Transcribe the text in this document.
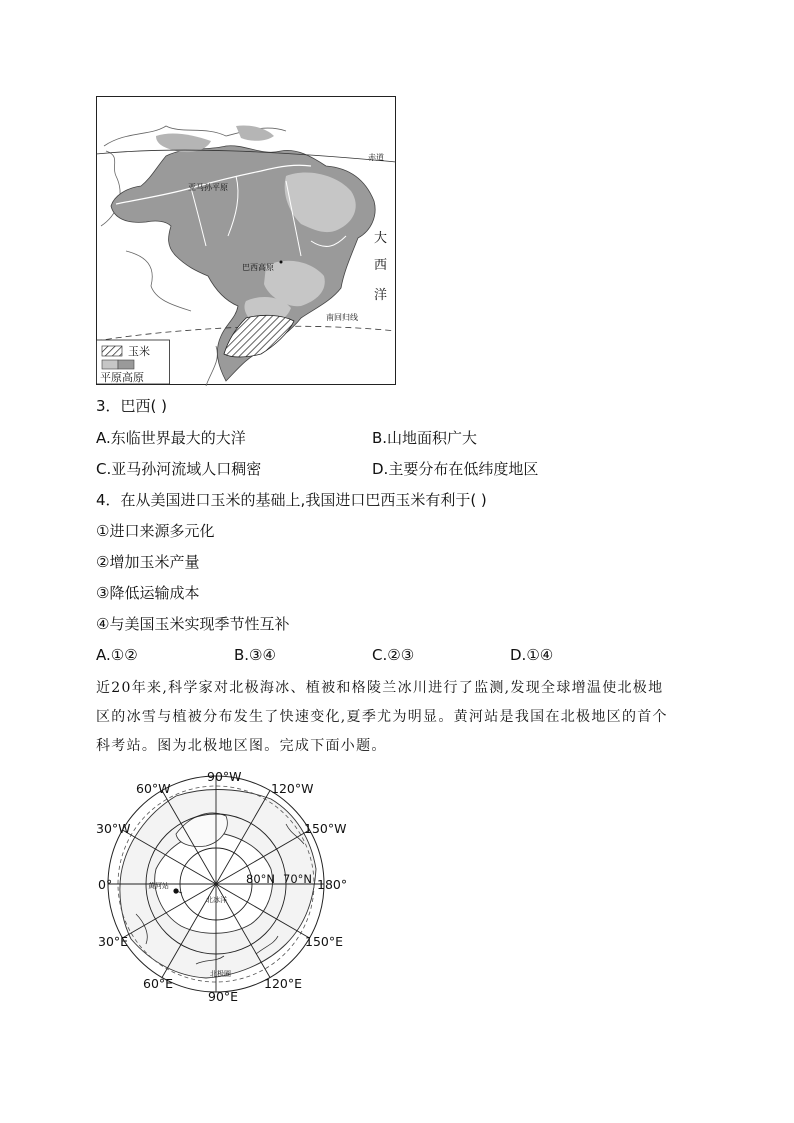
赤道
亚马孙平原
巴西高原
南回归线
大
西
洋
玉米
平原高原
3．巴西( )
A.东临世界最大的大洋	B.山地面积广大
C.亚马孙河流域人口稠密	D.主要分布在低纬度地区
4．在从美国进口玉米的基础上,我国进口巴西玉米有利于( )
①进口来源多元化
②增加玉米产量
③降低运输成本
④与美国玉米实现季节性互补
A.①②	B.③④	C.②③	D.①④
近20年来,科学家对北极海冰、植被和格陵兰冰川进行了监测,发现全球增温使北极地
区的冰雪与植被分布发生了快速变化,夏季尤为明显。黄河站是我国在北极地区的首个
科考站。图为北极地区图。完成下面小题。
90°W
60°W	120°W
30°W	150°W
0°	180°
30°E	150°E
60°E	120°E
90°E
80°N 70°N
黄河站
北冰洋
北极圈
